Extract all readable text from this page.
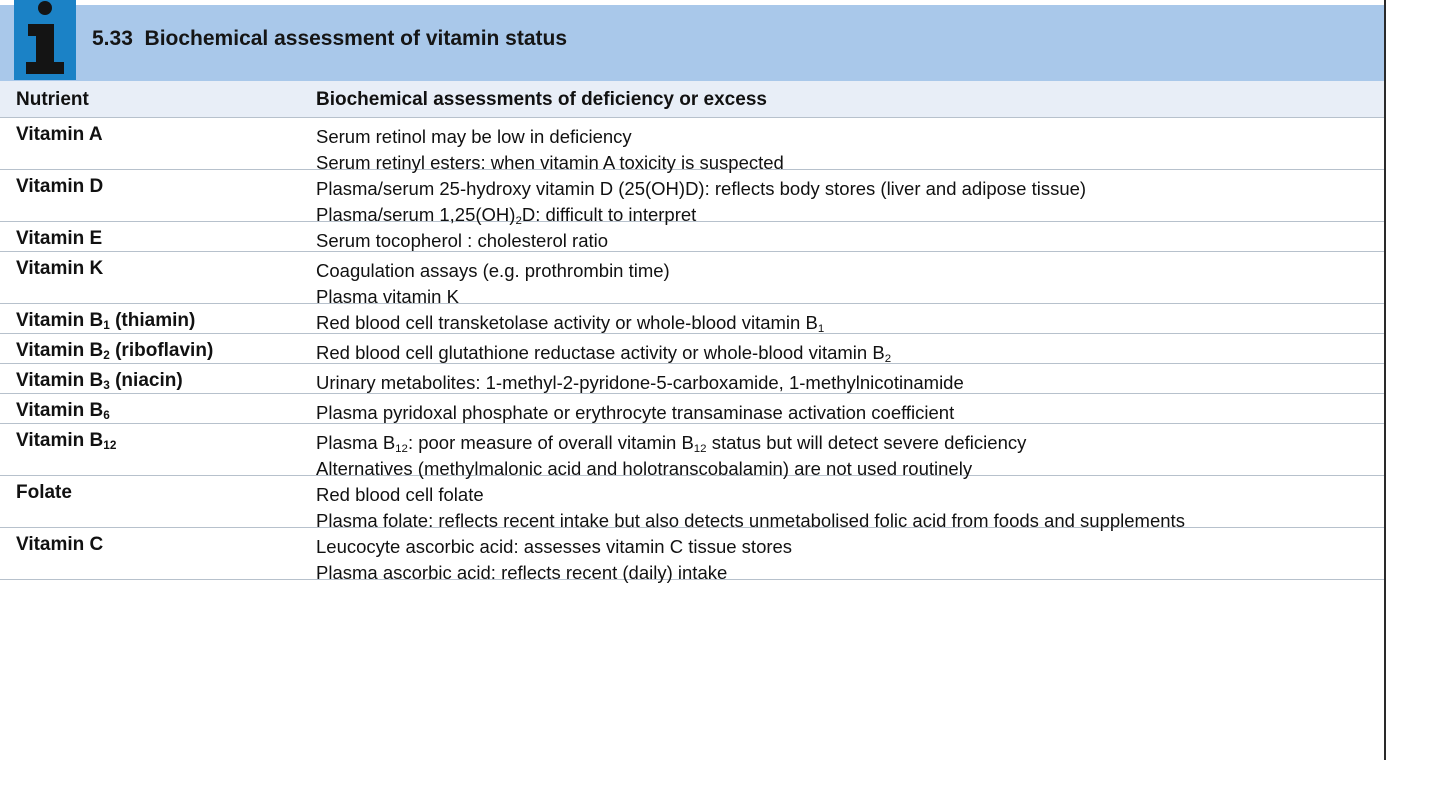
5.33 Biochemical assessment of vitamin status
Nutrient	Biochemical assessments of deficiency or excess
Vitamin A	Serum retinol may be low in deficiency
Serum retinyl esters: when vitamin A toxicity is suspected
Vitamin D	Plasma/serum 25-hydroxy vitamin D (25(OH)D): reflects body stores (liver and adipose tissue)
Plasma/serum $1,25(OH)_2D$: difficult to interpret
Vitamin E	Serum tocopherol : cholesterol ratio
Vitamin K	Coagulation assays (e.g. prothrombin time)
Plasma vitamin K
Vitamin $B_1$ (thiamin)	Red blood cell transketolase activity or whole-blood vitamin $B_1$
Vitamin $B_2$ (riboflavin)	Red blood cell glutathione reductase activity or whole-blood vitamin $B_2$
Vitamin $B_3$ (niacin)	Urinary metabolites: 1-methyl-2-pyridone-5-carboxamide, 1-methylnicotinamide
Vitamin $B_6$	Plasma pyridoxal phosphate or erythrocyte transaminase activation coefficient
Vitamin $B_{12}$	Plasma $B_{12}$: poor measure of overall vitamin $B_{12}$ status but will detect severe deficiency
Alternatives (methylmalonic acid and holotranscobalamin) are not used routinely
Folate	Red blood cell folate
Plasma folate: reflects recent intake but also detects unmetabolised folic acid from foods and supplements
Vitamin C	Leucocyte ascorbic acid: assesses vitamin C tissue stores
Plasma ascorbic acid: reflects recent (daily) intake
